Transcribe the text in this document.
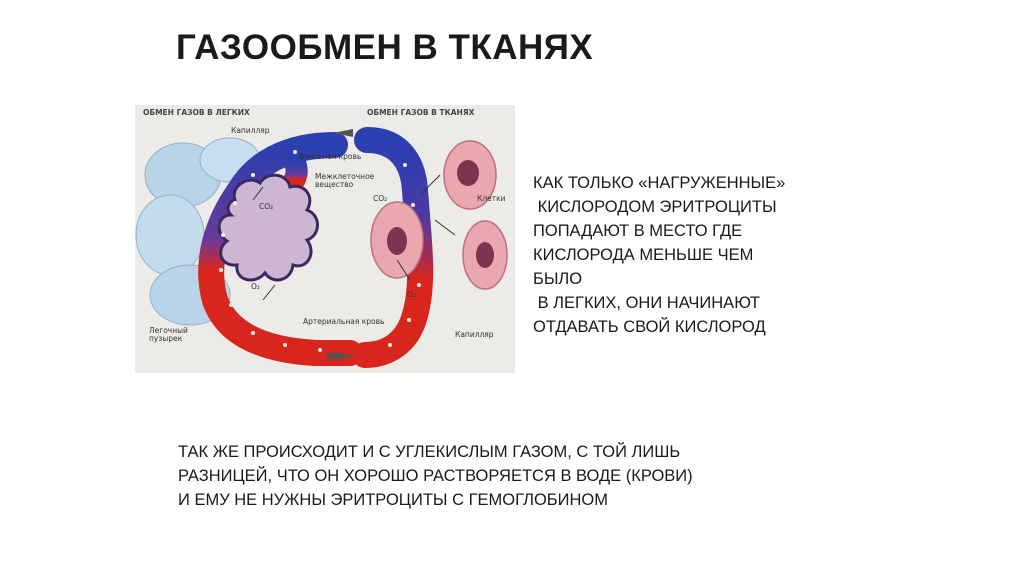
ГАЗООБМЕН В ТКАНЯХ
ОБМЕН ГАЗОВ В ЛЕГКИХ	ОБМЕН ГАЗОВ В ТКАНЯХ
Капилляр
Венозная кровь
Межклеточное
вещество
Клетки
CO₂
O₂
CO₂
O₂
Легочный
пузырек
Артериальная кровь
Капилляр
КАК ТОЛЬКО «НАГРУЖЕННЫЕ»
КИСЛОРОДОМ ЭРИТРОЦИТЫ
ПОПАДАЮТ В МЕСТО ГДЕ
КИСЛОРОДА МЕНЬШЕ ЧЕМ
БЫЛО
В ЛЕГКИХ, ОНИ НАЧИНАЮТ
ОТДАВАТЬ СВОЙ КИСЛОРОД
ТАК ЖЕ ПРОИСХОДИТ И С УГЛЕКИСЛЫМ ГАЗОМ, С ТОЙ ЛИШЬ
РАЗНИЦЕЙ, ЧТО ОН ХОРОШО РАСТВОРЯЕТСЯ В ВОДЕ (КРОВИ)
И ЕМУ НЕ НУЖНЫ ЭРИТРОЦИТЫ С ГЕМОГЛОБИНОМ
